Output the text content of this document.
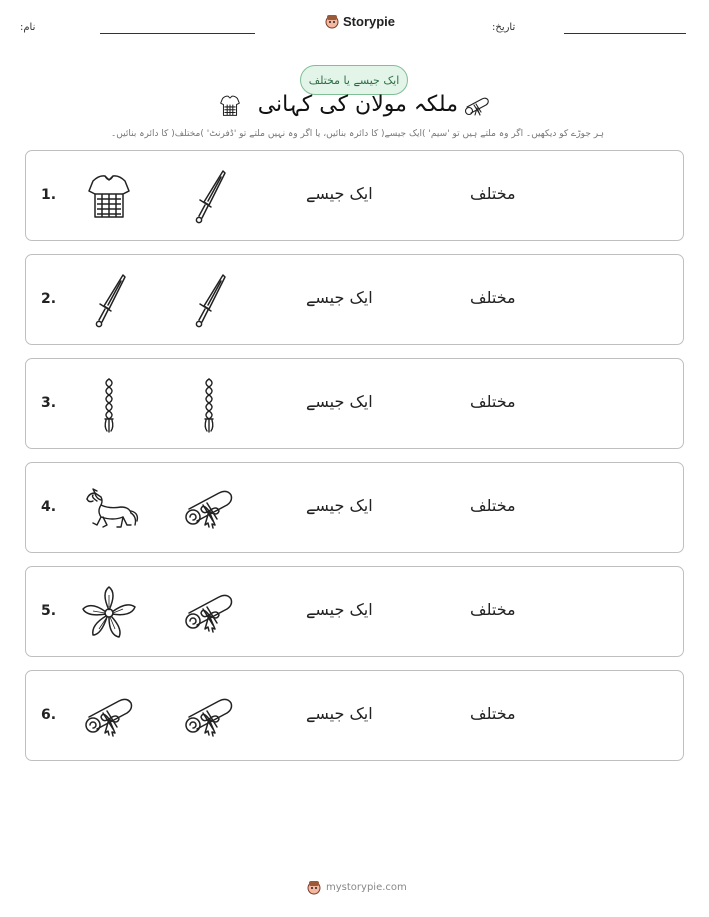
نام:	Storypie	تاریخ:
ایک جیسے یا مختلف
ملکہ مولان کی کہانی
ہر جوڑے کو دیکھیں۔ اگر وہ ملتے ہیں تو 'سیم' )ایک جیسے( کا دائرہ بنائیں، یا اگر وہ نہیں ملتے تو 'ڈفرنٹ' )مختلف( کا دائرہ بنائیں۔
1.	ایک جیسے	مختلف
2.	ایک جیسے	مختلف
3.	ایک جیسے	مختلف
4.	ایک جیسے	مختلف
5.	ایک جیسے	مختلف
6.	ایک جیسے	مختلف
mystorypie.com
